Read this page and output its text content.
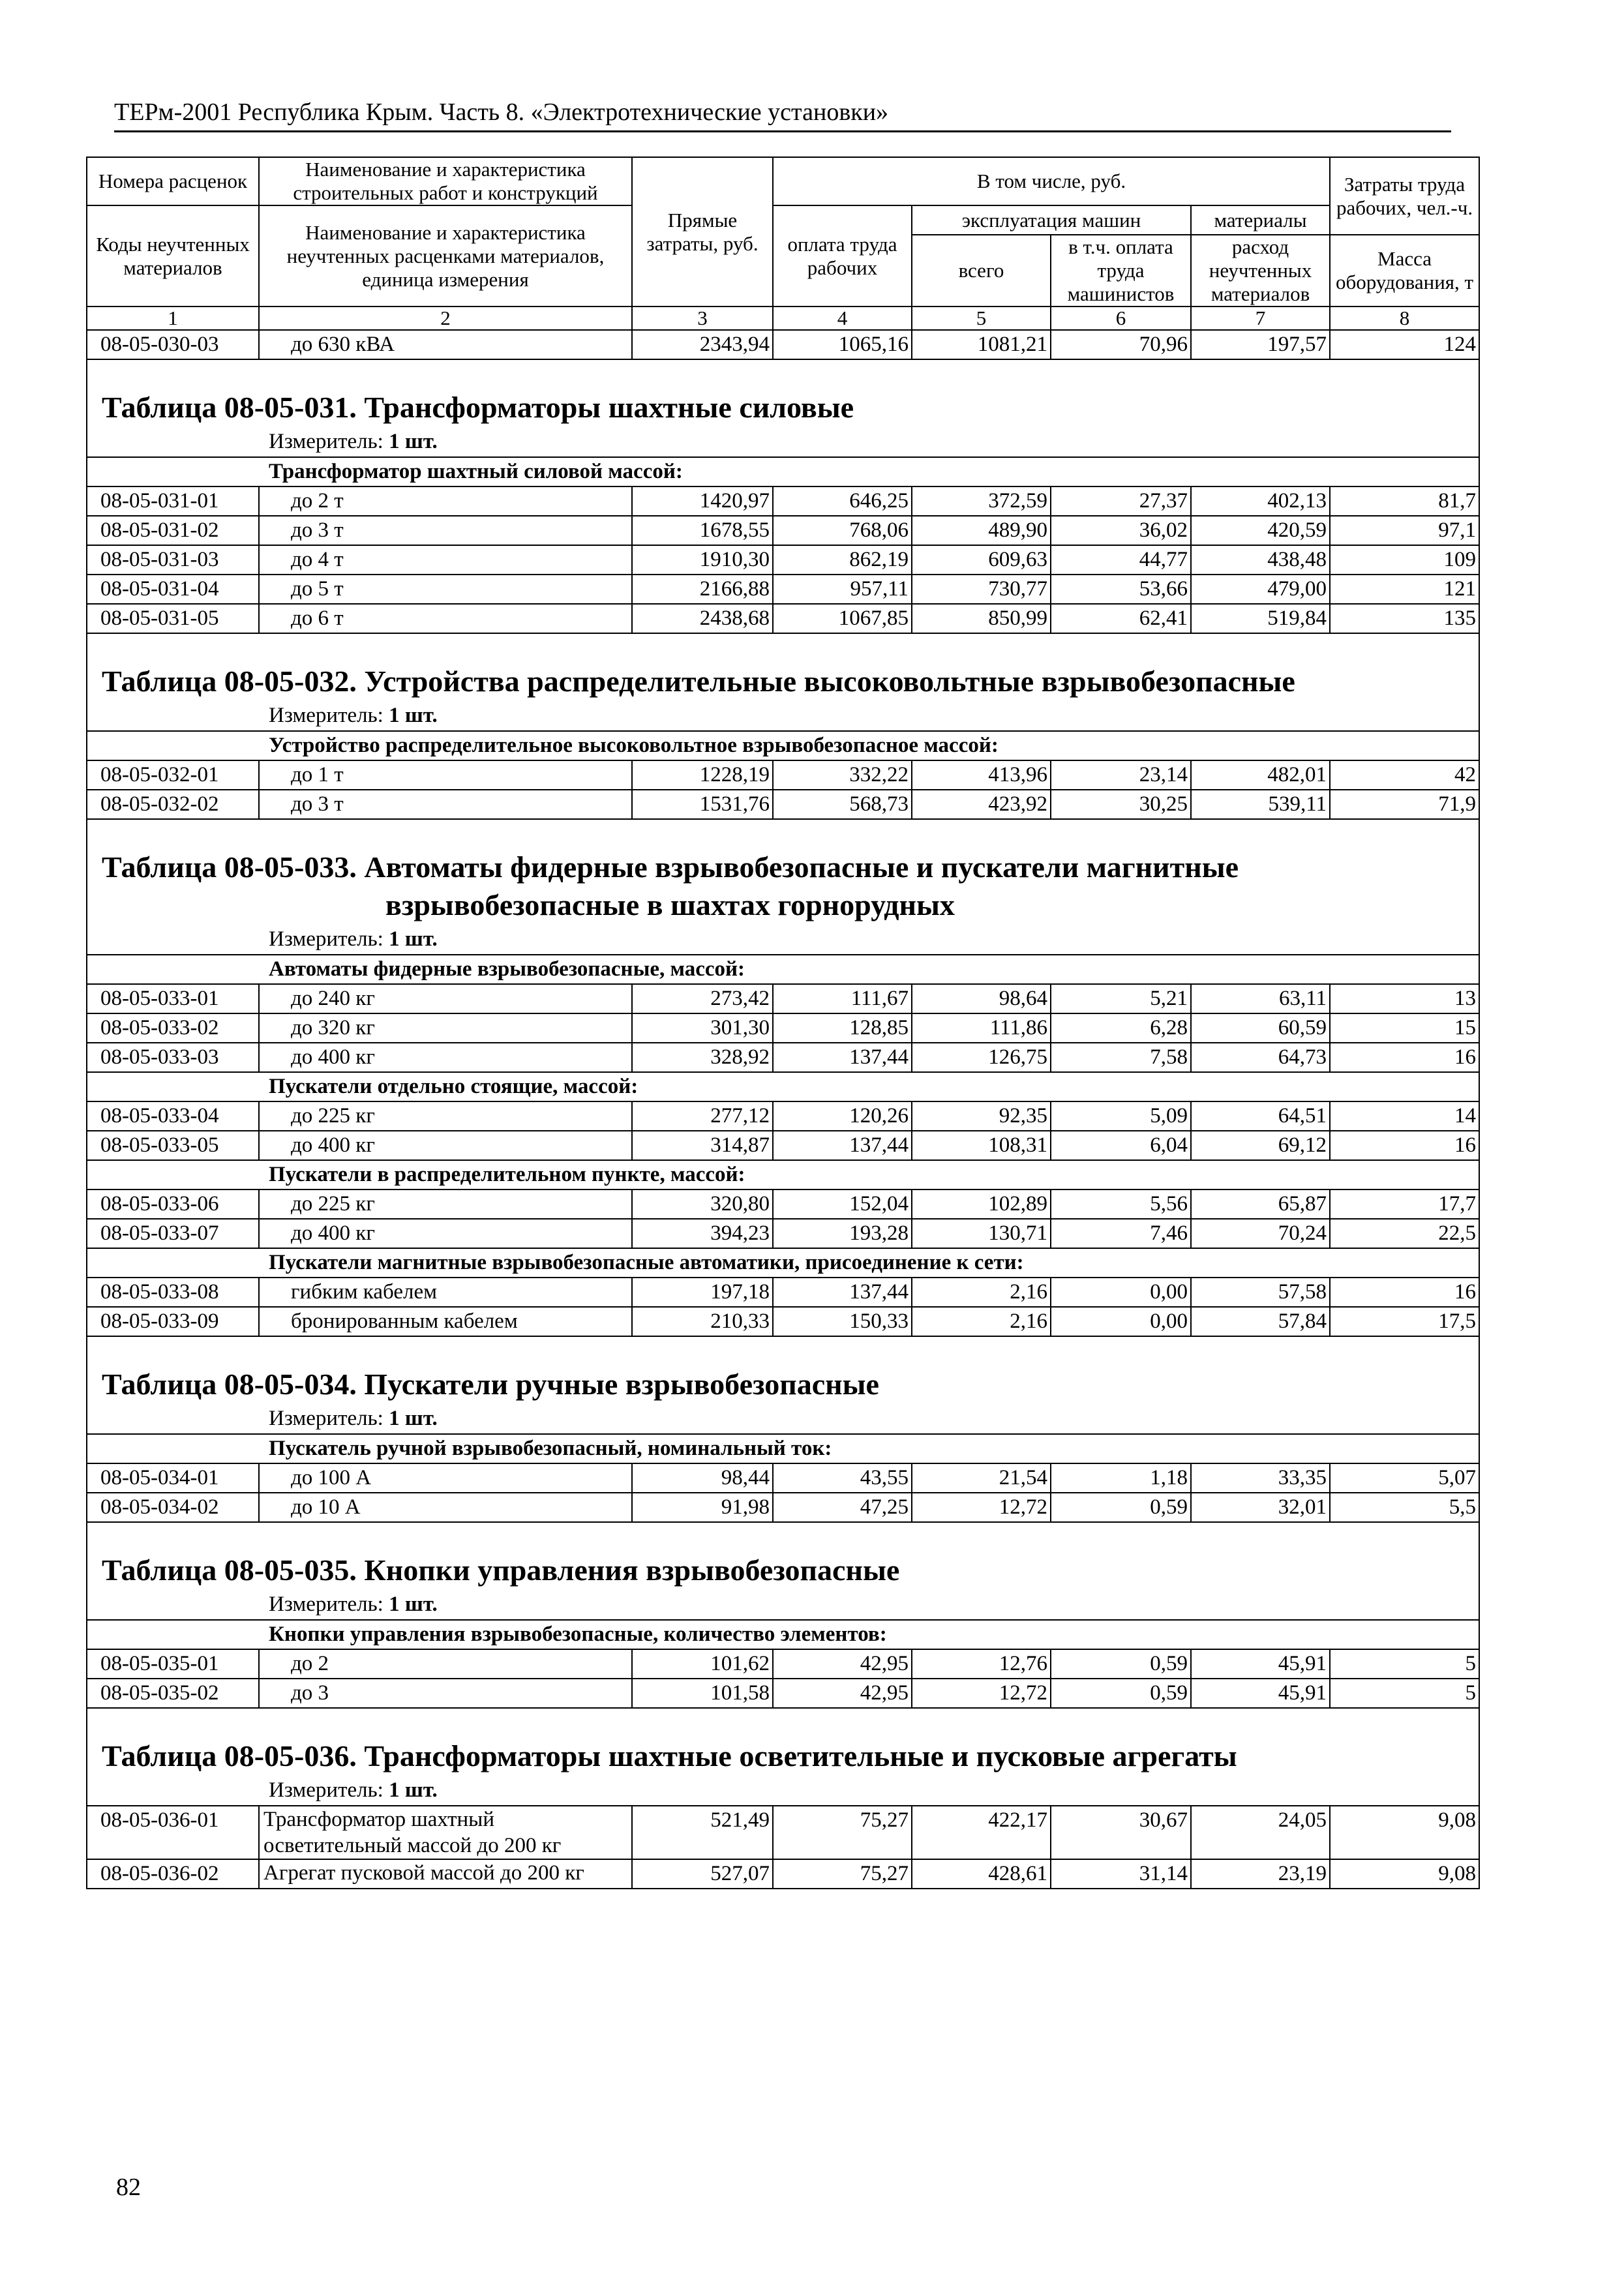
ТЕРм-2001 Республика Крым. Часть 8. «Электротехнические установки»
Номера расценок	Наименование и характеристика строительных работ и конструкций	Прямые затраты, руб.	В том числе, руб.				Затраты труда рабочих, чел.-ч.
Коды неучтенных материалов	Наименование и характеристика неучтенных расценками материалов, единица измерения		оплата труда рабочих	эксплуатация машин		материалы	
				всего	в т.ч. оплата труда машинистов	расход неучтенных материалов	Масса оборудования, т
1	2	3	4	5	6	7	8
08-05-030-03	до 630 кВА	2343,94	1065,16	1081,21	70,96	197,57	124

Таблица 08-05-031. Трансформаторы шахтные силовые							
Измеритель: 1 шт.							
Трансформатор шахтный силовой массой:							
08-05-031-01	до 2 т	1420,97	646,25	372,59	27,37	402,13	81,7
08-05-031-02	до 3 т	1678,55	768,06	489,90	36,02	420,59	97,1
08-05-031-03	до 4 т	1910,30	862,19	609,63	44,77	438,48	109
08-05-031-04	до 5 т	2166,88	957,11	730,77	53,66	479,00	121
08-05-031-05	до 6 т	2438,68	1067,85	850,99	62,41	519,84	135

Таблица 08-05-032. Устройства распределительные высоковольтные взрывобезопасные							
Измеритель: 1 шт.							
Устройство распределительное высоковольтное взрывобезопасное массой:							
08-05-032-01	до 1 т	1228,19	332,22	413,96	23,14	482,01	42
08-05-032-02	до 3 т	1531,76	568,73	423,92	30,25	539,11	71,9

Таблица 08-05-033. Автоматы фидерные взрывобезопасные и пускатели магнитные
взрывобезопасные в шахтах горнорудных							

Измеритель: 1 шт.							
Автоматы фидерные взрывобезопасные, массой:							
08-05-033-01	до 240 кг	273,42	111,67	98,64	5,21	63,11	13
08-05-033-02	до 320 кг	301,30	128,85	111,86	6,28	60,59	15
08-05-033-03	до 400 кг	328,92	137,44	126,75	7,58	64,73	16
Пускатели отдельно стоящие, массой:							
08-05-033-04	до 225 кг	277,12	120,26	92,35	5,09	64,51	14
08-05-033-05	до 400 кг	314,87	137,44	108,31	6,04	69,12	16
Пускатели в распределительном пункте, массой:							
08-05-033-06	до 225 кг	320,80	152,04	102,89	5,56	65,87	17,7
08-05-033-07	до 400 кг	394,23	193,28	130,71	7,46	70,24	22,5
Пускатели магнитные взрывобезопасные автоматики, присоединение к сети:							
08-05-033-08	гибким кабелем	197,18	137,44	2,16	0,00	57,58	16
08-05-033-09	бронированным кабелем	210,33	150,33	2,16	0,00	57,84	17,5

Таблица 08-05-034. Пускатели ручные взрывобезопасные							
Измеритель: 1 шт.							
Пускатель ручной взрывобезопасный, номинальный ток:							
08-05-034-01	до 100 А	98,44	43,55	21,54	1,18	33,35	5,07
08-05-034-02	до 10 А	91,98	47,25	12,72	0,59	32,01	5,5

Таблица 08-05-035. Кнопки управления взрывобезопасные							
Измеритель: 1 шт.							
Кнопки управления взрывобезопасные, количество элементов:							
08-05-035-01	до 2	101,62	42,95	12,76	0,59	45,91	5
08-05-035-02	до 3	101,58	42,95	12,72	0,59	45,91	5

Таблица 08-05-036. Трансформаторы шахтные осветительные и пусковые агрегаты							
Измеритель: 1 шт.							
08-05-036-01	Трансформатор шахтный осветительный массой до 200 кг	521,49	75,27	422,17	30,67	24,05	9,08
08-05-036-02	Агрегат пусковой массой до 200 кг	527,07	75,27	428,61	31,14	23,19	9,08
82
